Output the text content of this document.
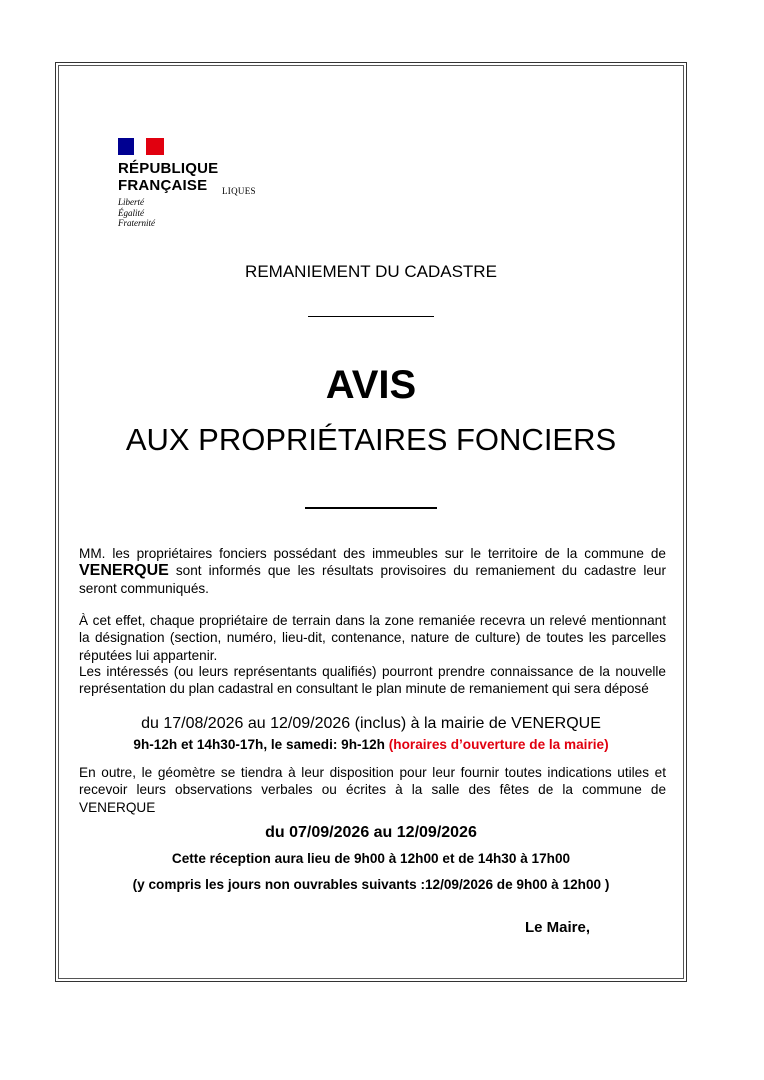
RÉPUBLIQUE
FRANÇAISE
Liberté
Égalité
Fraternité
LIQUES
REMANIEMENT DU CADASTRE
AVIS
AUX PROPRIÉTAIRES FONCIERS
MM. les propriétaires fonciers possédant des immeubles sur le territoire de la commune de VENERQUE sont informés que les résultats provisoires du remaniement du cadastre leur seront communiqués.
À cet effet, chaque propriétaire de terrain dans la zone remaniée recevra un relevé mentionnant la désignation (section, numéro, lieu-dit, contenance, nature de culture) de toutes les parcelles réputées lui appartenir.
Les intéressés (ou leurs représentants qualifiés) pourront prendre connaissance de la nouvelle représentation du plan cadastral en consultant le plan minute de remaniement qui sera déposé
du 17/08/2026 au 12/09/2026 (inclus) à la mairie de VENERQUE
9h-12h et 14h30-17h, le samedi: 9h-12h (horaires d’ouverture de la mairie)
En outre, le géomètre se tiendra à leur disposition pour leur fournir toutes indications utiles et recevoir leurs observations verbales ou écrites à la salle des fêtes de la commune de VENERQUE
du 07/09/2026 au 12/09/2026
Cette réception aura lieu de 9h00 à 12h00 et de 14h30 à 17h00
(y compris les jours non ouvrables suivants :12/09/2026 de 9h00 à 12h00 )
Le Maire,
